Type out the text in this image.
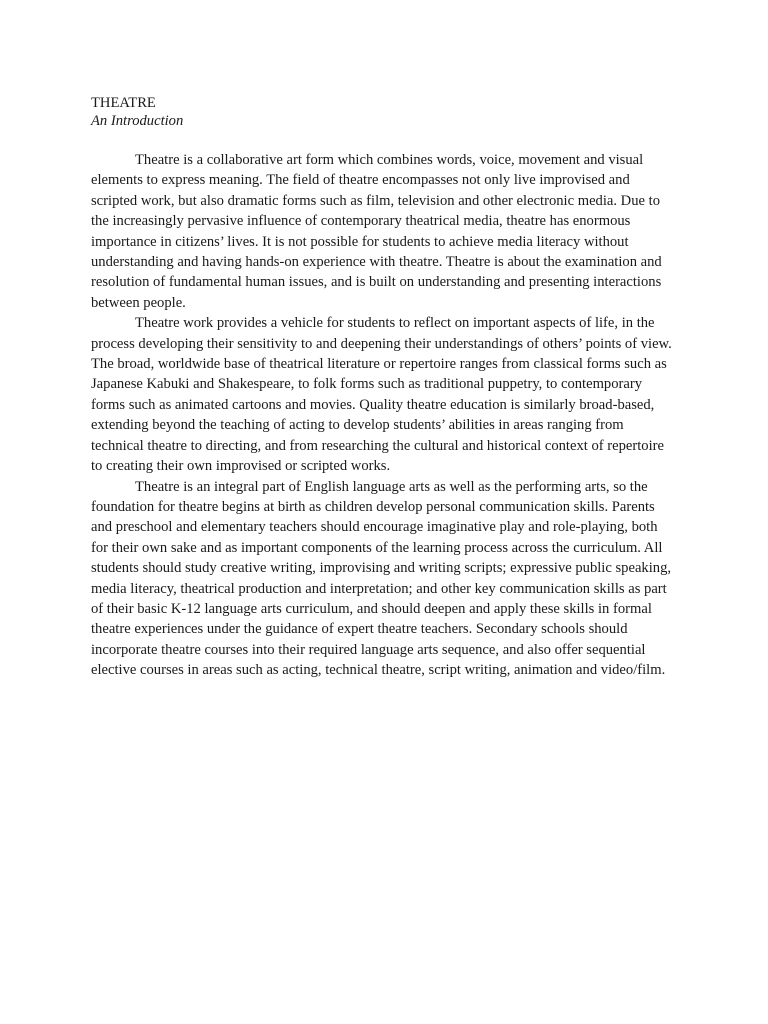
THEATRE
An Introduction

Theatre is a collaborative art form which combines words, voice, movement and visual elements to express meaning. The field of theatre encompasses not only live improvised and scripted work, but also dramatic forms such as film, television and other electronic media. Due to the increasingly pervasive influence of contemporary theatrical media, theatre has enormous importance in citizens’ lives. It is not possible for students to achieve media literacy without understanding and having hands-on experience with theatre. Theatre is about the examination and resolution of fundamental human issues, and is built on understanding and presenting interactions between people.

Theatre work provides a vehicle for students to reflect on important aspects of life, in the process developing their sensitivity to and deepening their understandings of others’ points of view. The broad, worldwide base of theatrical literature or repertoire ranges from classical forms such as Japanese Kabuki and Shakespeare, to folk forms such as traditional puppetry, to contemporary forms such as animated cartoons and movies. Quality theatre education is similarly broad-based, extending beyond the teaching of acting to develop students’ abilities in areas ranging from technical theatre to directing, and from researching the cultural and historical context of repertoire to creating their own improvised or scripted works.

Theatre is an integral part of English language arts as well as the performing arts, so the foundation for theatre begins at birth as children develop personal communication skills. Parents and preschool and elementary teachers should encourage imaginative play and role-playing, both for their own sake and as important components of the learning process across the curriculum. All students should study creative writing, improvising and writing scripts; expressive public speaking, media literacy, theatrical production and interpretation; and other key communication skills as part of their basic K-12 language arts curriculum, and should deepen and apply these skills in formal theatre experiences under the guidance of expert theatre teachers. Secondary schools should incorporate theatre courses into their required language arts sequence, and also offer sequential elective courses in areas such as acting, technical theatre, script writing, animation and video/film.
